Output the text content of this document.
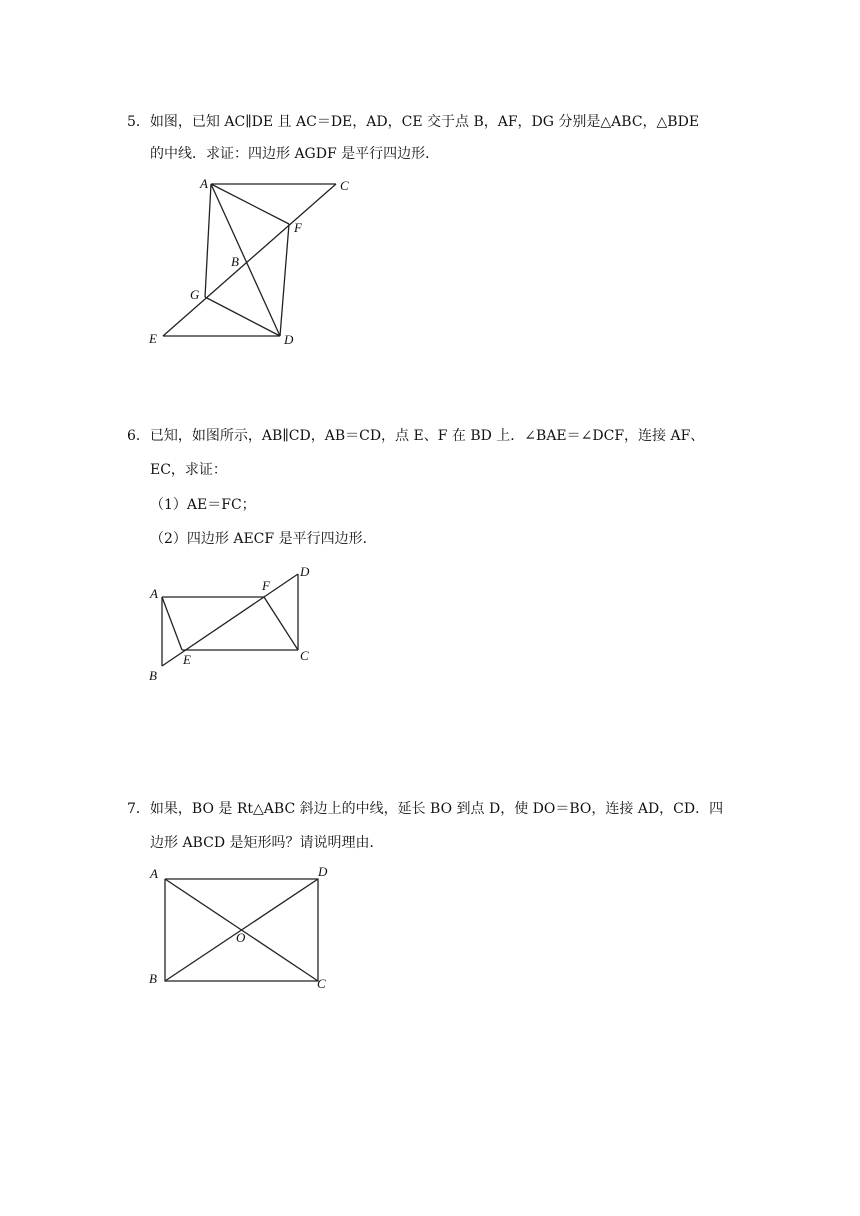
5．如图，已知 AC∥DE 且 AC＝DE，AD，CE 交于点 B，AF，DG 分别是△ABC，△BDE
的中线．求证：四边形 AGDF 是平行四边形．
A	C
F
B
G
E	D
6．已知，如图所示，AB∥CD，AB＝CD，点 E、F 在 BD 上．∠BAE＝∠DCF，连接 AF、
EC，求证：
（1）AE＝FC；
（2）四边形 AECF 是平行四边形．
A
F
D
B
E	C
7．如果，BO 是 Rt△ABC 斜边上的中线，延长 BO 到点 D，使 DO＝BO，连接 AD，CD．四
边形 ABCD 是矩形吗？请说明理由．
A	D
O
B	C
